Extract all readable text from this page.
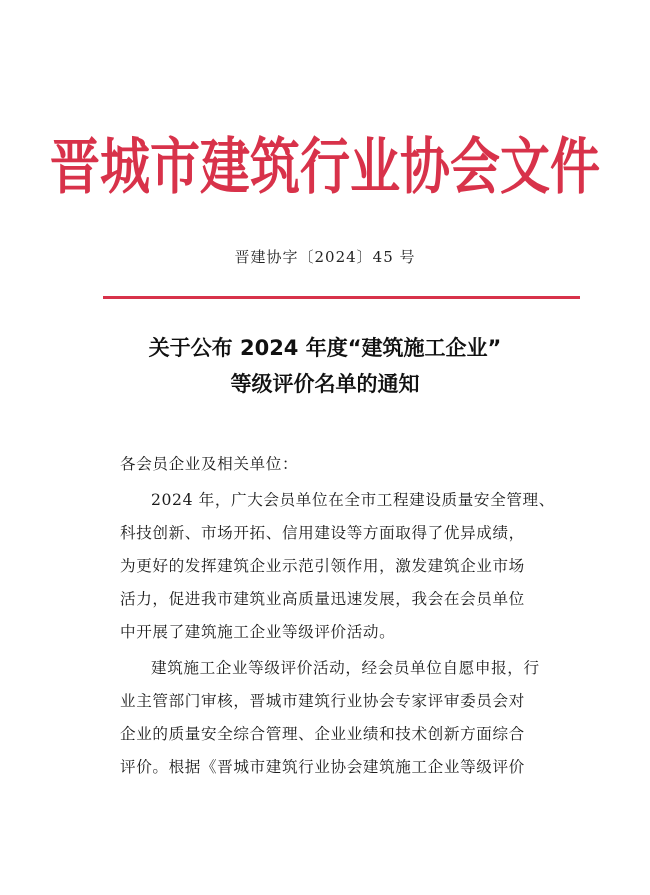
晋城市建筑行业协会文件
晋建协字〔2024〕45 号
关于公布 2024 年度“建筑施工企业”
等级评价名单的通知
各会员企业及相关单位：
2024 年，广大会员单位在全市工程建设质量安全管理、
科技创新、市场开拓、信用建设等方面取得了优异成绩，
为更好的发挥建筑企业示范引领作用，激发建筑企业市场
活力，促进我市建筑业高质量迅速发展，我会在会员单位
中开展了建筑施工企业等级评价活动。
建筑施工企业等级评价活动，经会员单位自愿申报，行
业主管部门审核，晋城市建筑行业协会专家评审委员会对
企业的质量安全综合管理、企业业绩和技术创新方面综合
评价。根据《晋城市建筑行业协会建筑施工企业等级评价
